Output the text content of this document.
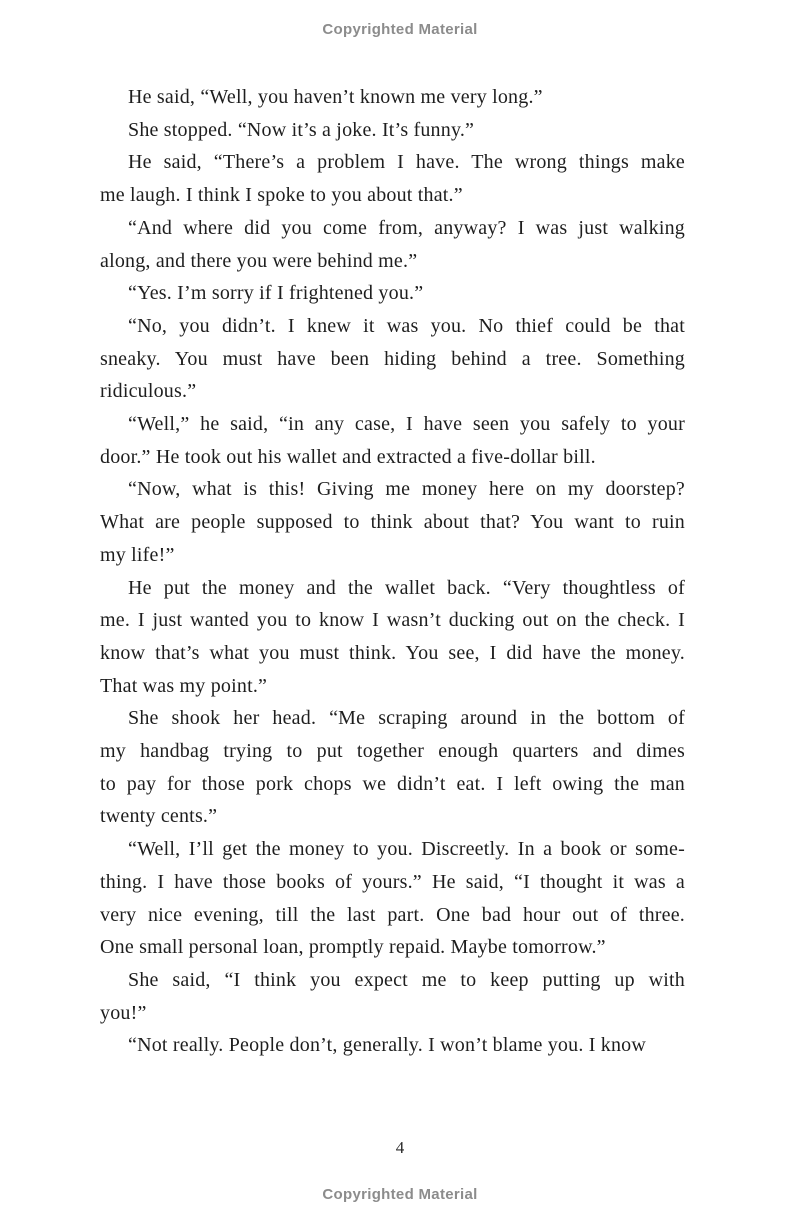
Copyrighted Material
He said, “Well, you haven’t known me very long.”
She stopped. “Now it’s a joke. It’s funny.”
He said, “There’s a problem I have. The wrong things make
me laugh. I think I spoke to you about that.”
“And where did you come from, anyway? I was just walking
along, and there you were behind me.”
“Yes. I’m sorry if I frightened you.”
“No, you didn’t. I knew it was you. No thief could be that
sneaky. You must have been hiding behind a tree. Something
ridiculous.”
“Well,” he said, “in any case, I have seen you safely to your
door.” He took out his wallet and extracted a five-dollar bill.
“Now, what is this! Giving me money here on my doorstep?
What are people supposed to think about that? You want to ruin
my life!”
He put the money and the wallet back. “Very thoughtless of
me. I just wanted you to know I wasn’t ducking out on the check. I
know that’s what you must think. You see, I did have the money.
That was my point.”
She shook her head. “Me scraping around in the bottom of
my handbag trying to put together enough quarters and dimes
to pay for those pork chops we didn’t eat. I left owing the man
twenty cents.”
“Well, I’ll get the money to you. Discreetly. In a book or some-
thing. I have those books of yours.” He said, “I thought it was a
very nice evening, till the last part. One bad hour out of three.
One small personal loan, promptly repaid. Maybe tomorrow.”
She said, “I think you expect me to keep putting up with
you!”
“Not really. People don’t, generally. I won’t blame you. I know
4
Copyrighted Material
